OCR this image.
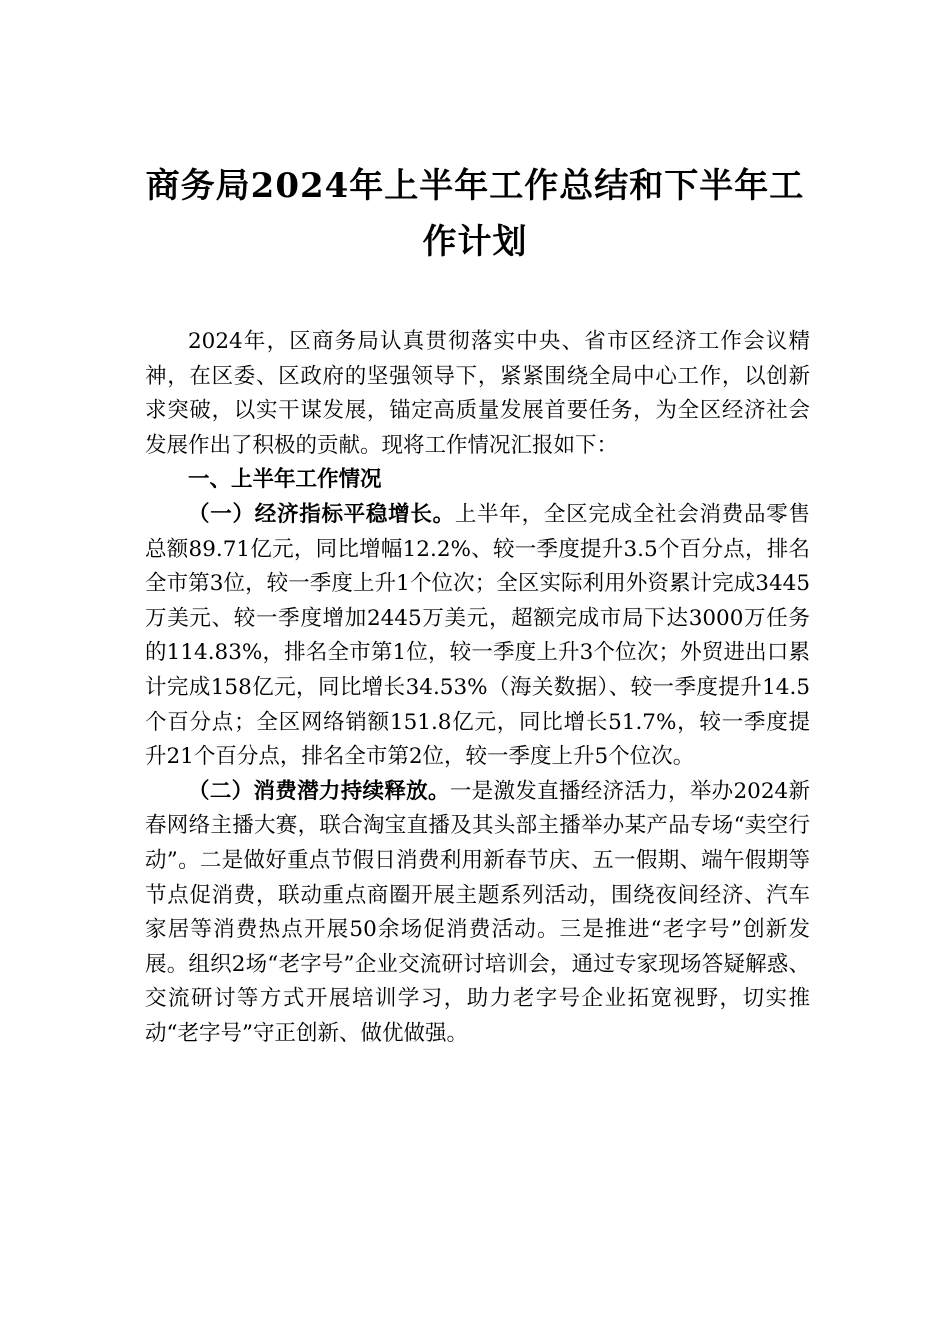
商务局2024年上半年工作总结和下半年工作计划

2024年，区商务局认真贯彻落实中央、省市区经济工作会议精神，在区委、区政府的坚强领导下，紧紧围绕全局中心工作，以创新求突破，以实干谋发展，锚定高质量发展首要任务，为全区经济社会发展作出了积极的贡献。现将工作情况汇报如下：

一、上半年工作情况

（一）经济指标平稳增长。上半年，全区完成全社会消费品零售总额89.71亿元，同比增幅12.2%、较一季度提升3.5个百分点，排名全市第3位，较一季度上升1个位次；全区实际利用外资累计完成3445万美元、较一季度增加2445万美元，超额完成市局下达3000万任务的114.83%，排名全市第1位，较一季度上升3个位次；外贸进出口累计完成158亿元，同比增长34.53%（海关数据）、较一季度提升14.5个百分点；全区网络销额151.8亿元，同比增长51.7%，较一季度提升21个百分点，排名全市第2位，较一季度上升5个位次。

（二）消费潜力持续释放。一是激发直播经济活力，举办2024新春网络主播大赛，联合淘宝直播及其头部主播举办某产品专场“卖空行动”。二是做好重点节假日消费利用新春节庆、五一假期、端午假期等节点促消费，联动重点商圈开展主题系列活动，围绕夜间经济、汽车家居等消费热点开展50余场促消费活动。三是推进“老字号”创新发展。组织2场“老字号”企业交流研讨培训会，通过专家现场答疑解惑、交流研讨等方式开展培训学习，助力老字号企业拓宽视野，切实推动“老字号”守正创新、做优做强。
